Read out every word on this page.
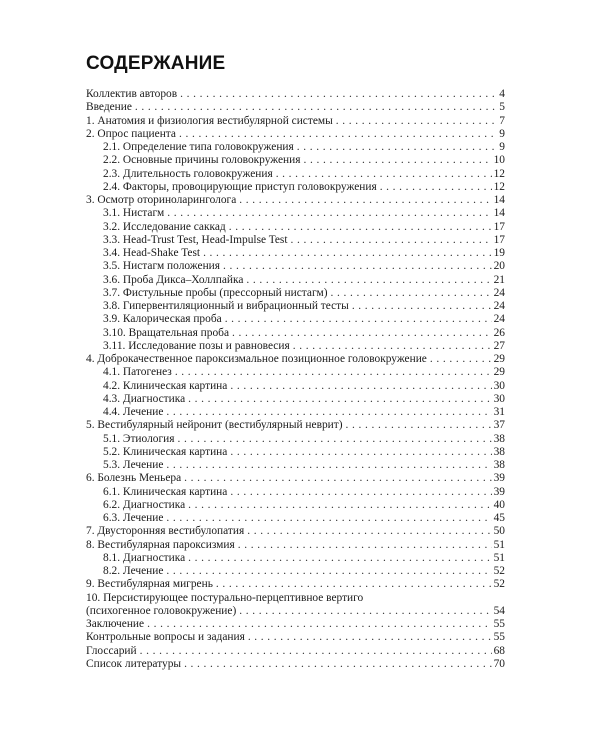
СОДЕРЖАНИЕ
Коллектив авторов . . .	4
Введение . . .	5
1. Анатомия и физиология вестибулярной системы . . .	7
2. Опрос пациента . . .	9
2.1. Определение типа головокружения . . .	9
2.2. Основные причины головокружения . . .	10
2.3. Длительность головокружения . . .	12
2.4. Факторы, провоцирующие приступ головокружения . . .	12
3. Осмотр оториноларинголога . . .	14
3.1. Нистагм . . .	14
3.2. Исследование саккад . . .	17
3.3. Head-Trust Test, Head-Impulse Test . . .	17
3.4. Head-Shake Test . . .	19
3.5. Нистагм положения . . .	20
3.6. Проба Дикса–Холлпайка . . .	21
3.7. Фистульные пробы (прессорный нистагм) . . .	24
3.8. Гипервентиляционный и вибрационный тесты . . .	24
3.9. Калорическая проба . . .	24
3.10. Вращательная проба . . .	26
3.11. Исследование позы и равновесия . . .	27
4. Доброкачественное пароксизмальное позиционное головокружение . . .	29
4.1. Патогенез . . .	29
4.2. Клиническая картина . . .	30
4.3. Диагностика . . .	30
4.4. Лечение . . .	31
5. Вестибулярный нейронит (вестибулярный неврит) . . .	37
5.1. Этиология . . .	38
5.2. Клиническая картина . . .	38
5.3. Лечение . . .	38
6. Болезнь Меньера . . .	39
6.1. Клиническая картина . . .	39
6.2. Диагностика . . .	40
6.3. Лечение . . .	45
7. Двусторонняя вестибулопатия . . .	50
8. Вестибулярная пароксизмия . . .	51
8.1. Диагностика . . .	51
8.2. Лечение . . .	52
9. Вестибулярная мигрень . . .	52
10. Персистирующее постурально-перцептивное вертиго
(психогенное головокружение) . . .	54
Заключение . . .	55
Контрольные вопросы и задания . . .	55
Глоссарий . . .	68
Список литературы . . .	70
